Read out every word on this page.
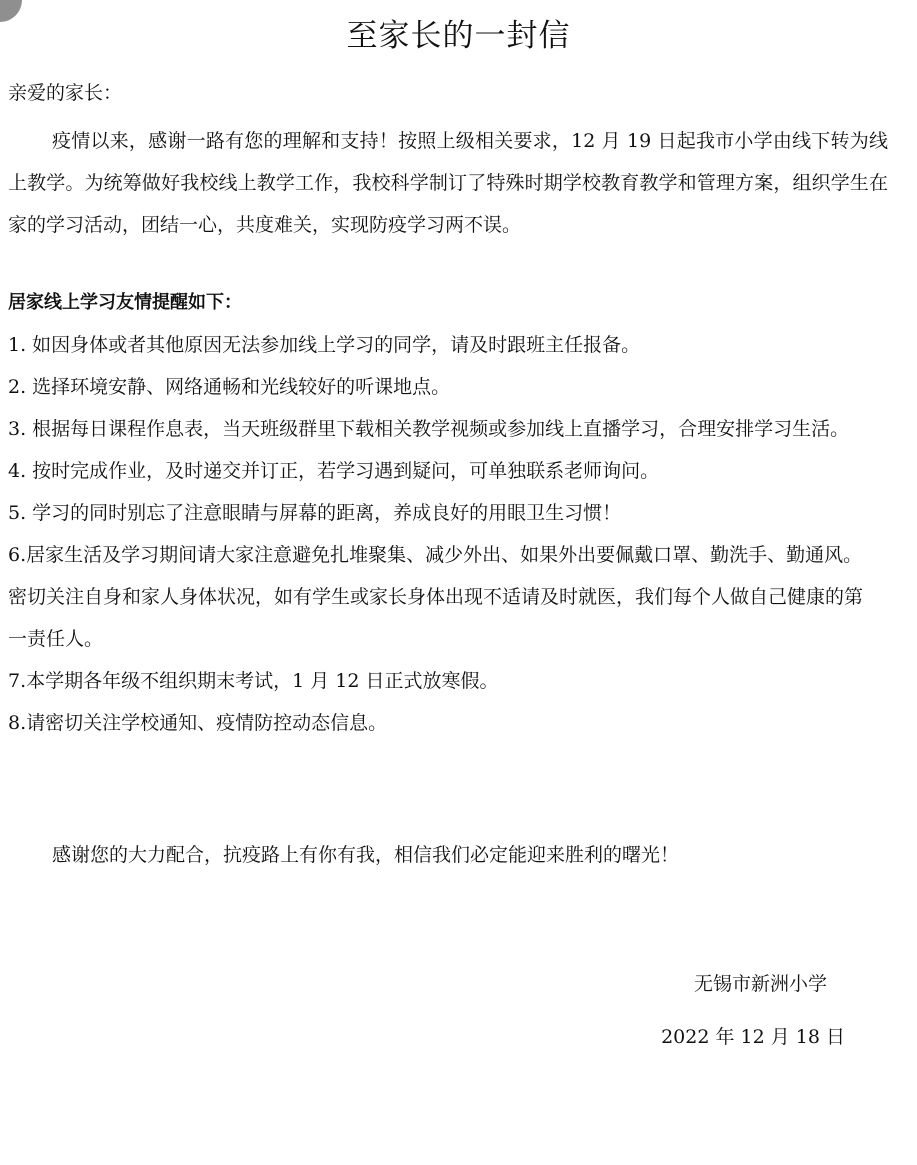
至家长的一封信
亲爱的家长：
疫情以来，感谢一路有您的理解和支持！按照上级相关要求，12 月 19 日起我市小学由线下转为线上教学。为统筹做好我校线上教学工作，我校科学制订了特殊时期学校教育教学和管理方案，组织学生在家的学习活动，团结一心，共度难关，实现防疫学习两不误。
居家线上学习友情提醒如下：
1. 如因身体或者其他原因无法参加线上学习的同学，请及时跟班主任报备。
2. 选择环境安静、网络通畅和光线较好的听课地点。
3. 根据每日课程作息表，当天班级群里下载相关教学视频或参加线上直播学习，合理安排学习生活。
4. 按时完成作业，及时递交并订正，若学习遇到疑问，可单独联系老师询问。
5. 学习的同时别忘了注意眼睛与屏幕的距离，养成良好的用眼卫生习惯！
6.居家生活及学习期间请大家注意避免扎堆聚集、减少外出、如果外出要佩戴口罩、勤洗手、勤通风。密切关注自身和家人身体状况，如有学生或家长身体出现不适请及时就医，我们每个人做自己健康的第一责任人。
7.本学期各年级不组织期末考试，1 月 12 日正式放寒假。
8.请密切关注学校通知、疫情防控动态信息。
感谢您的大力配合，抗疫路上有你有我，相信我们必定能迎来胜利的曙光！
无锡市新洲小学
2022 年 12 月 18 日
